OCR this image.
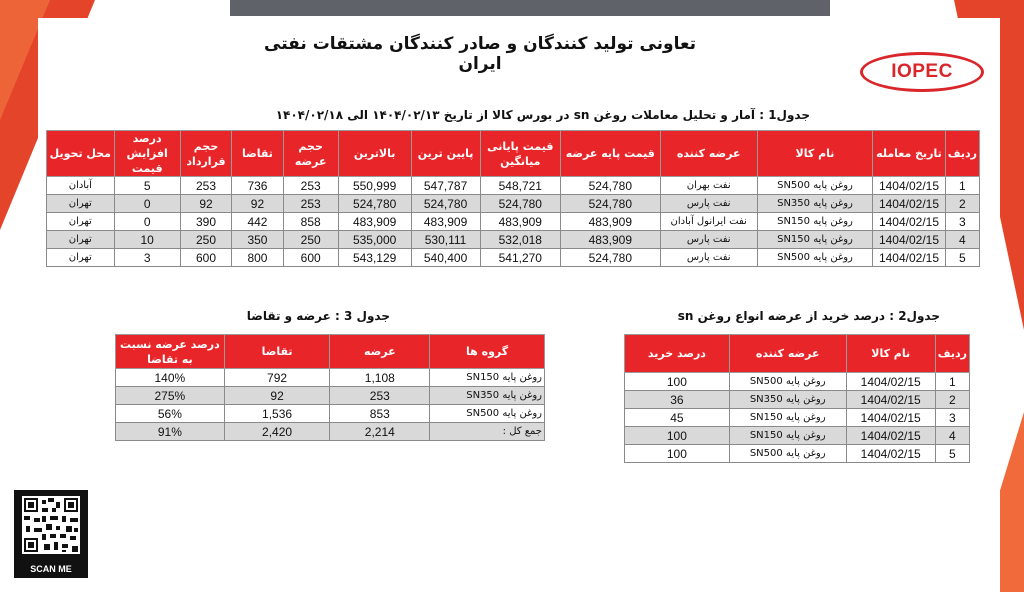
تعاونی تولید کنندگان و صادر کنندگان مشتقات نفتی ایران	IOPEC
جدول1 : آمار و تحلیل معاملات روغن sn در بورس کالا از تاریخ ۱۴۰۴/۰۲/۱۳ الی ۱۴۰۴/۰۲/۱۸
ردیف	تاریخ معامله	نام کالا	عرضه کننده	قیمت پایه عرضه	قیمت پایانی میانگین	پایین ترین	بالاترین	حجم عرضه	تقاضا	حجم قرارداد	درصد افزایش قیمت	محل تحویل
1	1404/02/15	روغن پایه SN500	نفت بهران	524,780	548,721	547,787	550,999	253	736	253	5	آبادان
2	1404/02/15	روغن پایه SN350	نفت پارس	524,780	524,780	524,780	524,780	253	92	92	0	تهران
3	1404/02/15	روغن پایه SN150	نفت ایرانول آبادان	483,909	483,909	483,909	483,909	858	442	390	0	تهران
4	1404/02/15	روغن پایه SN150	نفت پارس	483,909	532,018	530,111	535,000	250	350	250	10	تهران
5	1404/02/15	روغن پایه SN500	نفت پارس	524,780	541,270	540,400	543,129	600	800	600	3	تهران
جدول2 : درصد خرید از عرضه انواع روغن sn
ردیف	نام کالا	عرضه کننده	درصد خرید
1	1404/02/15	روغن پایه SN500	100
2	1404/02/15	روغن پایه SN350	36
3	1404/02/15	روغن پایه SN150	45
4	1404/02/15	روغن پایه SN150	100
5	1404/02/15	روغن پایه SN500	100
جدول 3 : عرضه و تقاضا
گروه ها	عرضه	تقاضا	درصد عرضه نسبت به تقاضا
روغن پایه SN150	1,108	792	140%
روغن پایه SN350	253	92	275%
روغن پایه SN500	853	1,536	56%
جمع کل :	2,214	2,420	91%
SCAN ME
